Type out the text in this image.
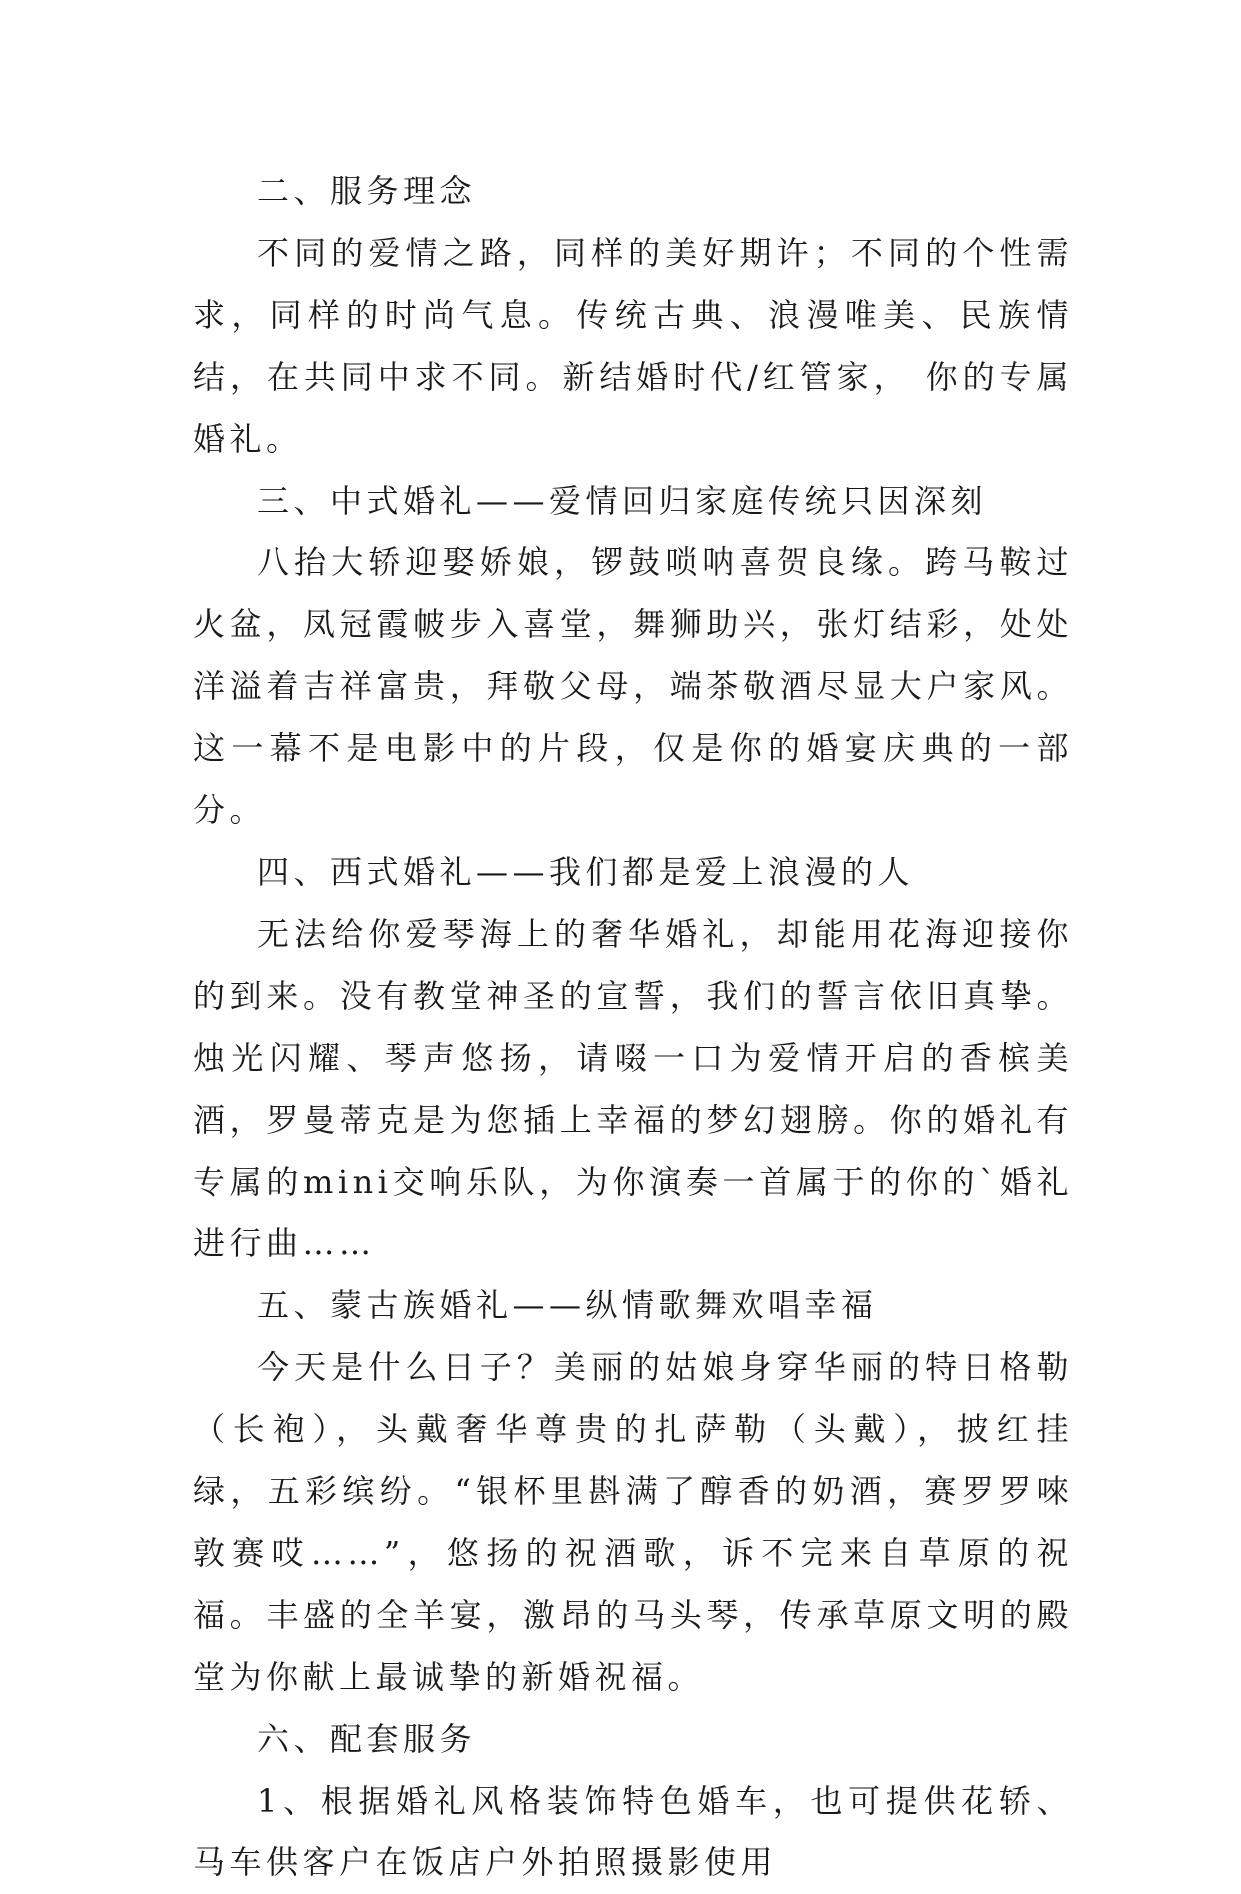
二、服务理念

不同的爱情之路，同样的美好期许；不同的个性需求，同样的时尚气息。传统古典、浪漫唯美、民族情结，在共同中求不同。新结婚时代/红管家， 你的专属婚礼。

三、中式婚礼——爱情回归家庭传统只因深刻

八抬大轿迎娶娇娘，锣鼓唢呐喜贺良缘。跨马鞍过火盆，凤冠霞帔步入喜堂，舞狮助兴，张灯结彩，处处洋溢着吉祥富贵，拜敬父母，端茶敬酒尽显大户家风。这一幕不是电影中的片段，仅是你的婚宴庆典的一部分。

四、西式婚礼——我们都是爱上浪漫的人

无法给你爱琴海上的奢华婚礼，却能用花海迎接你的到来。没有教堂神圣的宣誓，我们的誓言依旧真挚。烛光闪耀、琴声悠扬，请啜一口为爱情开启的香槟美酒，罗曼蒂克是为您插上幸福的梦幻翅膀。你的婚礼有专属的mini交响乐队，为你演奏一首属于的你的`婚礼进行曲……

五、蒙古族婚礼——纵情歌舞欢唱幸福

今天是什么日子？美丽的姑娘身穿华丽的特日格勒（长袍），头戴奢华尊贵的扎萨勒（头戴），披红挂绿，五彩缤纷。“银杯里斟满了醇香的奶酒，赛罗罗唻敦赛哎……”，悠扬的祝酒歌，诉不完来自草原的祝福。丰盛的全羊宴，激昂的马头琴，传承草原文明的殿堂为你献上最诚挚的新婚祝福。

六、配套服务

1、根据婚礼风格装饰特色婚车，也可提供花轿、马车供客户在饭店户外拍照摄影使用
